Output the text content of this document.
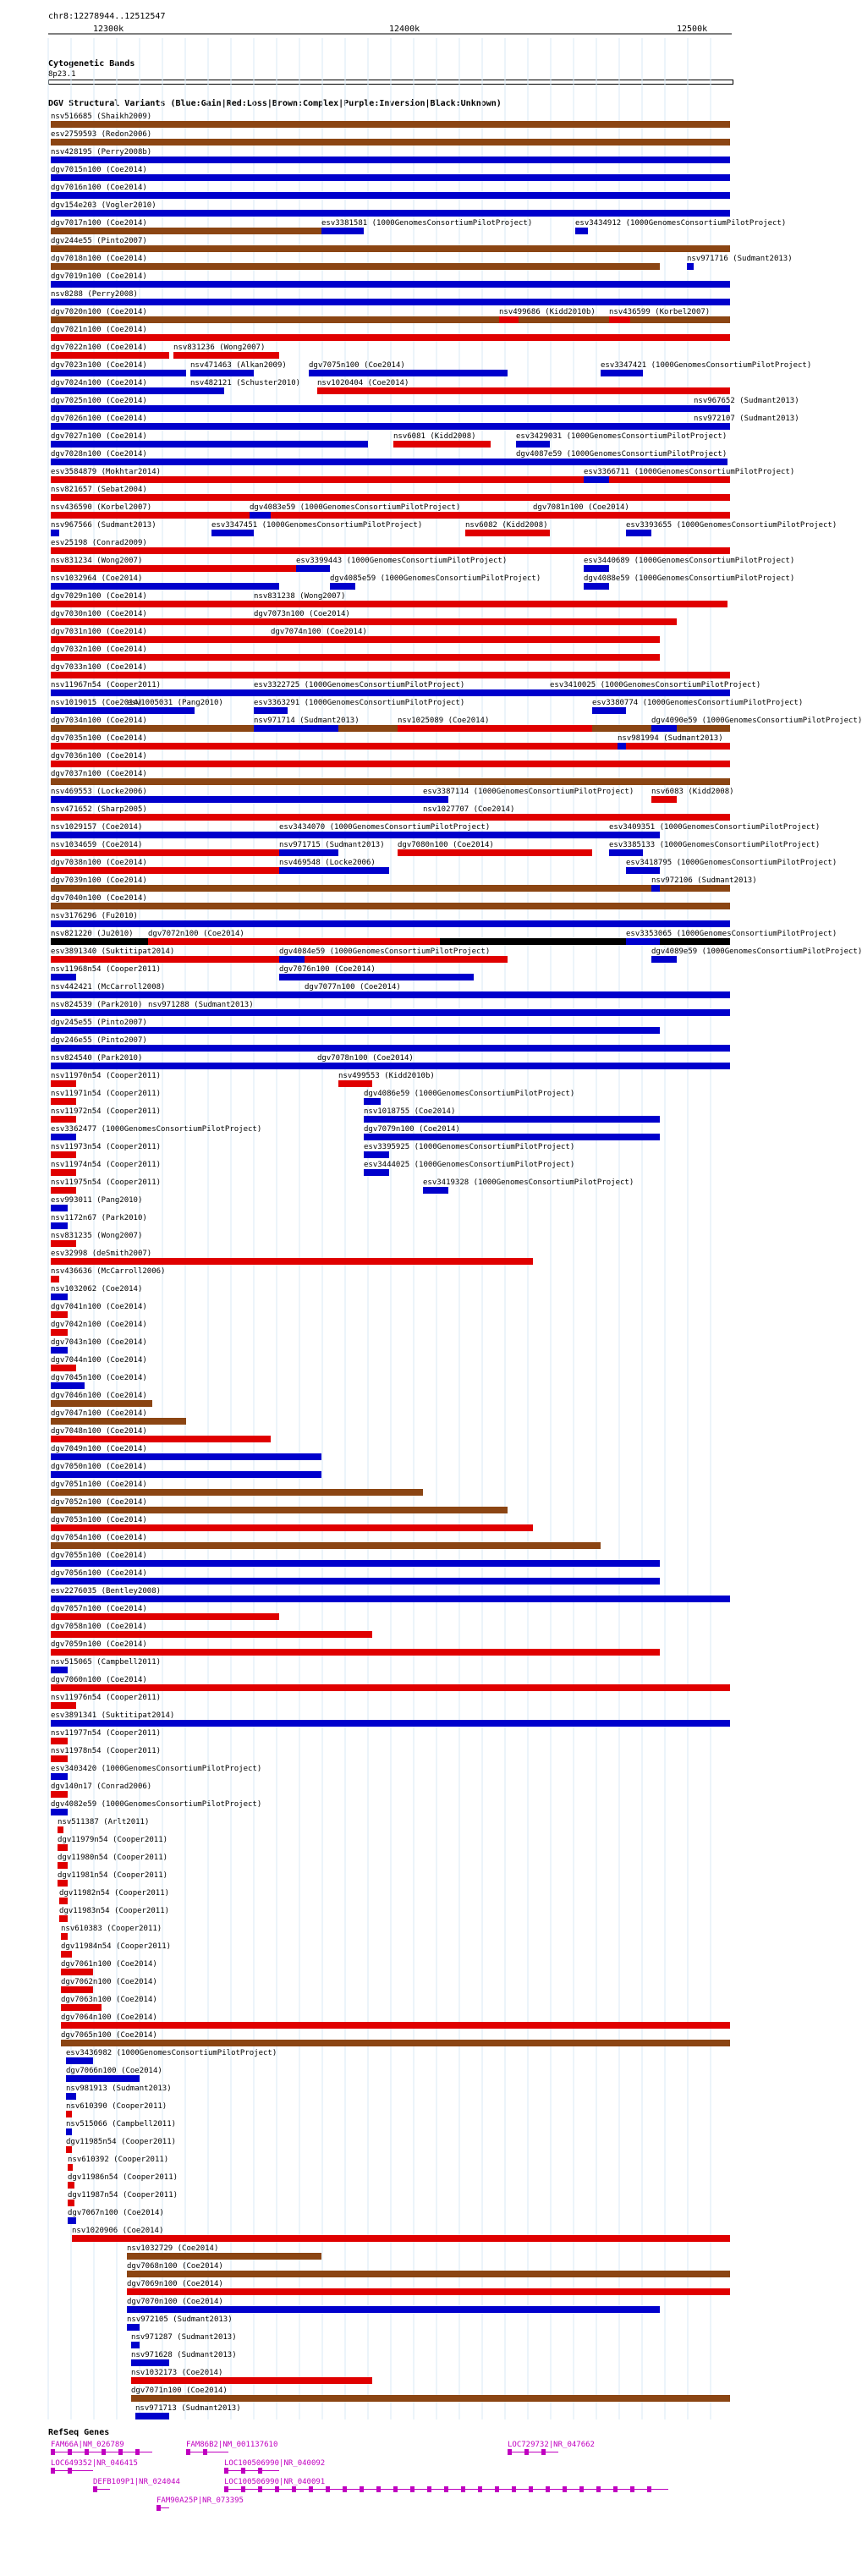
chr8:12278944..12512547
12300k	12400k	12500k
Cytogenetic Bands
8p23.1
DGV Structural Variants (Blue:Gain|Red:Loss|Brown:Complex|Purple:Inversion|Black:Unknown)
nsv516685 (Shaikh2009)
esv2759593 (Redon2006)
nsv428195 (Perry2008b)
dgv7015n100 (Coe2014)
dgv7016n100 (Coe2014)
dgv154e203 (Vogler2010)
dgv7017n100 (Coe2014)	esv3381581 (1000GenomesConsortiumPilotProject)	esv3434912 (1000GenomesConsortiumPilotProject)
dgv244e55 (Pinto2007)
dgv7018n100 (Coe2014)	nsv971716 (Sudmant2013)
dgv7019n100 (Coe2014)
nsv8288 (Perry2008)
dgv7020n100 (Coe2014)	nsv499686 (Kidd2010b) nsv436599 (Korbel2007)
dgv7021n100 (Coe2014)
dgv7022n100 (Coe2014)	nsv831236 (Wong2007)
dgv7023n100 (Coe2014)	nsv471463 (Alkan2009)	dgv7075n100 (Coe2014)	esv3347421 (1000GenomesConsortiumPilotProject)
dgv7024n100 (Coe2014)	nsv482121 (Schuster2010) nsv1020404 (Coe2014)
dgv7025n100 (Coe2014)	nsv967652 (Sudmant2013)
dgv7026n100 (Coe2014)	nsv972107 (Sudmant2013)
dgv7027n100 (Coe2014)	nsv6081 (Kidd2008)	esv3429031 (1000GenomesConsortiumPilotProject)
dgv7028n100 (Coe2014)	dgv4087e59 (1000GenomesConsortiumPilotProject)
esv3584879 (Mokhtar2014)	esv3366711 (1000GenomesConsortiumPilotProject)
nsv821657 (Sebat2004)
nsv436590 (Korbel2007)	dgv4083e59 (1000GenomesConsortiumPilotProject)	dgv7081n100 (Coe2014)
nsv967566 (Sudmant2013)	esv3347451 (1000GenomesConsortiumPilotProject)	nsv6082 (Kidd2008)	esv3393655 (1000GenomesConsortiumPilotProject)
esv25198 (Conrad2009)
nsv831234 (Wong2007)	esv3399443 (1000GenomesConsortiumPilotProject)	esv3440689 (1000GenomesConsortiumPilotProject)
nsv1032964 (Coe2014)	dgv4085e59 (1000GenomesConsortiumPilotProject)	dgv4088e59 (1000GenomesConsortiumPilotProject)
dgv7029n100 (Coe2014)	nsv831238 (Wong2007)
dgv7030n100 (Coe2014)	dgv7073n100 (Coe2014)
dgv7031n100 (Coe2014)	dgv7074n100 (Coe2014)
dgv7032n100 (Coe2014)
dgv7033n100 (Coe2014)
nsv11967n54 (Cooper2011)	esv3322725 (1000GenomesConsortiumPilotProject)	esv3410025 (1000GenomesConsortiumPilotProject)
nsv1019015 (Coe2014)
esv1005031 (Pang2010)	esv3363291 (1000GenomesConsortiumPilotProject)	esv3380774 (1000GenomesConsortiumPilotProject)
dgv7034n100 (Coe2014)	nsv971714 (Sudmant2013)	nsv1025089 (Coe2014)	dgv4090e59 (1000GenomesConsortiumPilotProject)
dgv7035n100 (Coe2014)	nsv981994 (Sudmant2013)
dgv7036n100 (Coe2014)
dgv7037n100 (Coe2014)
nsv469553 (Locke2006)	esv3387114 (1000GenomesConsortiumPilotProject) nsv6083 (Kidd2008)
nsv471652 (Sharp2005)	nsv1027707 (Coe2014)
nsv1029157 (Coe2014)	esv3434070 (1000GenomesConsortiumPilotProject)	esv3409351 (1000GenomesConsortiumPilotProject)
nsv1034659 (Coe2014)	nsv971715 (Sudmant2013) dgv7080n100 (Coe2014)	esv3385133 (1000GenomesConsortiumPilotProject)
dgv7038n100 (Coe2014)	nsv469548 (Locke2006)	esv3418795 (1000GenomesConsortiumPilotProject)
dgv7039n100 (Coe2014)	nsv972106 (Sudmant2013)
dgv7040n100 (Coe2014)
nsv3176296 (Fu2010)
nsv821220 (Ju2010) dgv7072n100 (Coe2014)	esv3353065 (1000GenomesConsortiumPilotProject)
esv3891340 (Suktitipat2014)	dgv4084e59 (1000GenomesConsortiumPilotProject)	dgv4089e59 (1000GenomesConsortiumPilotProject)
nsv11968n54 (Cooper2011)	dgv7076n100 (Coe2014)
nsv442421 (McCarroll2008)	dgv7077n100 (Coe2014)
nsv824539 (Park2010) nsv971288 (Sudmant2013)
dgv245e55 (Pinto2007)
dgv246e55 (Pinto2007)
nsv824540 (Park2010)	dgv7078n100 (Coe2014)
nsv11970n54 (Cooper2011)	nsv499553 (Kidd2010b)
nsv11971n54 (Cooper2011)	dgv4086e59 (1000GenomesConsortiumPilotProject)
nsv11972n54 (Cooper2011)	nsv1018755 (Coe2014)
esv3362477 (1000GenomesConsortiumPilotProject)	dgv7079n100 (Coe2014)
nsv11973n54 (Cooper2011)	esv3395925 (1000GenomesConsortiumPilotProject)
nsv11974n54 (Cooper2011)	esv3444025 (1000GenomesConsortiumPilotProject)
nsv11975n54 (Cooper2011)	esv3419328 (1000GenomesConsortiumPilotProject)
esv993011 (Pang2010)
nsv1172n67 (Park2010)
nsv831235 (Wong2007)
esv32998 (deSmith2007)
nsv436636 (McCarroll2006)
nsv1032062 (Coe2014)
dgv7041n100 (Coe2014)
dgv7042n100 (Coe2014)
dgv7043n100 (Coe2014)
dgv7044n100 (Coe2014)
dgv7045n100 (Coe2014)
dgv7046n100 (Coe2014)
dgv7047n100 (Coe2014)
dgv7048n100 (Coe2014)
dgv7049n100 (Coe2014)
dgv7050n100 (Coe2014)
dgv7051n100 (Coe2014)
dgv7052n100 (Coe2014)
dgv7053n100 (Coe2014)
dgv7054n100 (Coe2014)
dgv7055n100 (Coe2014)
dgv7056n100 (Coe2014)
esv2276035 (Bentley2008)
dgv7057n100 (Coe2014)
dgv7058n100 (Coe2014)
dgv7059n100 (Coe2014)
nsv515065 (Campbell2011)
dgv7060n100 (Coe2014)
nsv11976n54 (Cooper2011)
esv3891341 (Suktitipat2014)
nsv11977n54 (Cooper2011)
nsv11978n54 (Cooper2011)
esv3403420 (1000GenomesConsortiumPilotProject)
dgv140n17 (Conrad2006)
dgv4082e59 (1000GenomesConsortiumPilotProject)
nsv511387 (Arlt2011)
dgv11979n54 (Cooper2011)
dgv11980n54 (Cooper2011)
dgv11981n54 (Cooper2011)
dgv11982n54 (Cooper2011)
dgv11983n54 (Cooper2011)
nsv610383 (Cooper2011)
dgv11984n54 (Cooper2011)
dgv7061n100 (Coe2014)
dgv7062n100 (Coe2014)
dgv7063n100 (Coe2014)
dgv7064n100 (Coe2014)
dgv7065n100 (Coe2014)
esv3436982 (1000GenomesConsortiumPilotProject)
dgv7066n100 (Coe2014)
nsv981913 (Sudmant2013)
nsv610390 (Cooper2011)
nsv515066 (Campbell2011)
dgv11985n54 (Cooper2011)
nsv610392 (Cooper2011)
dgv11986n54 (Cooper2011)
dgv11987n54 (Cooper2011)
dgv7067n100 (Coe2014)
nsv1020906 (Coe2014)
nsv1032729 (Coe2014)
dgv7068n100 (Coe2014)
dgv7069n100 (Coe2014)
dgv7070n100 (Coe2014)
nsv972105 (Sudmant2013)
nsv971287 (Sudmant2013)
nsv971628 (Sudmant2013)
nsv1032173 (Coe2014)
dgv7071n100 (Coe2014)
nsv971713 (Sudmant2013)
RefSeq Genes
FAM66A|NM_026789	FAM86B2|NM_001137610	LOC729732|NR_047662
LOC649352|NR_046415	LOC100506990|NR_040092
DEFB109P1|NR_024044	LOC100506990|NR_040091
FAM90A25P|NR_073395
